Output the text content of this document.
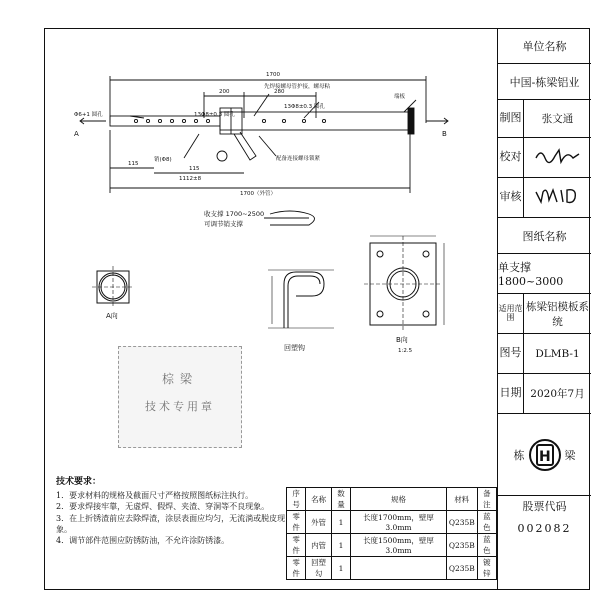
1700
200	280
115
115
1112±8
1700（外管）
A	B
Φ6+1 圆孔	13Φ8±0.3 圆孔
13Φ8±0.3 圆孔
先焊接螺母管护接，螺母粘
销(Φ8)	配备连接螺母锁紧
端板
收支撑 1700~2500
可调节销支撑
A向
回塑钩
B向
1:2.5
棕梁
技术专用章
技术要求：
1．要求材料的规格及截面尺寸严格按照图纸标注执行。
2．要求焊接牢靠，无虚焊、假焊、夹渣、穿洞等不良现象。
3．在上折锈渣前应去除焊渣，涂层表面应均匀，无流淌或脱皮现象。
4．调节部件范围应防锈防油，不允许涂防锈漆。
序号	名称	数量	规格	材料	备注
零件	外管	1	长度1700mm，壁厚3.0mm	Q235B	蓝色
零件	内管	1	长度1500mm，壁厚3.0mm	Q235B	蓝色
零件	回塑勾	1		Q235B	镀锌
单位名称
中国-栋梁铝业
制图	张文通
校对
审核
图纸名称
单支撑1800~3000
适用范围
栋梁铝模板系统
图号	DLMB-1
日期 2020年7月
栋 H 梁
股票代码
002082
